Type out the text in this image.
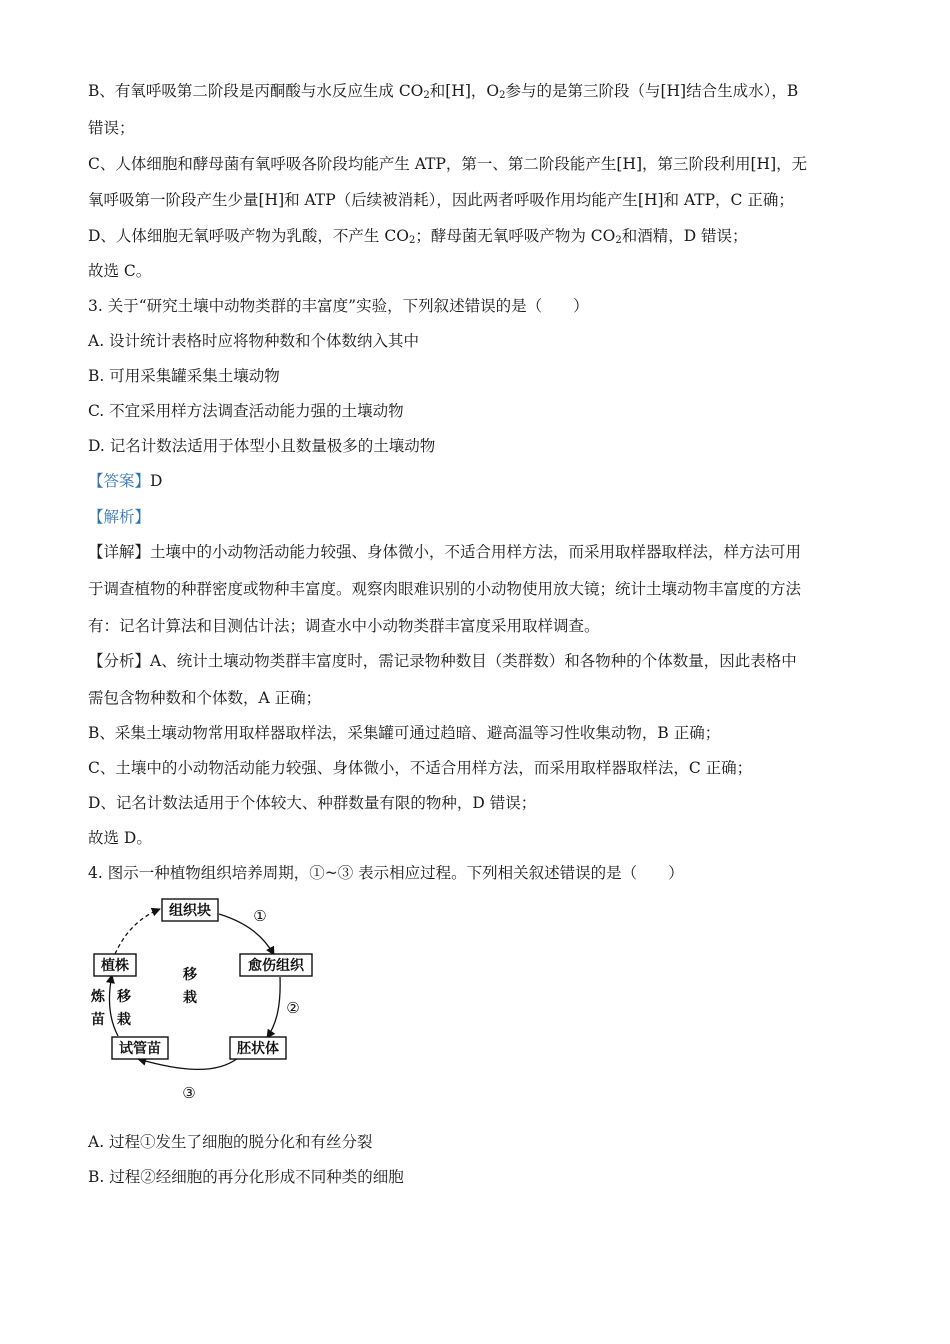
B、有氧呼吸第二阶段是丙酮酸与水反应生成 $CO_2$和[H]，$O_2$参与的是第三阶段（与[H]结合生成水），B
错误；
C、人体细胞和酵母菌有氧呼吸各阶段均能产生 ATP，第一、第二阶段能产生[H]，第三阶段利用[H]，无
氧呼吸第一阶段产生少量[H]和 ATP（后续被消耗），因此两者呼吸作用均能产生[H]和 ATP，C 正确；
D、人体细胞无氧呼吸产物为乳酸，不产生 $CO_2$；酵母菌无氧呼吸产物为 $CO_2$和酒精，D 错误；
故选 C。
3. 关于“研究土壤中动物类群的丰富度”实验，下列叙述错误的是（　　）
A. 设计统计表格时应将物种数和个体数纳入其中
B. 可用采集罐采集土壤动物
C. 不宜采用样方法调查活动能力强的土壤动物
D. 记名计数法适用于体型小且数量极多的土壤动物
【答案】D
【解析】
【详解】土壤中的小动物活动能力较强、身体微小，不适合用样方法，而采用取样器取样法，样方法可用
于调查植物的种群密度或物种丰富度。观察肉眼难识别的小动物使用放大镜；统计土壤动物丰富度的方法
有：记名计算法和目测估计法；调查水中小动物类群丰富度采用取样调查。
【分析】A、统计土壤动物类群丰富度时，需记录物种数目（类群数）和各物种的个体数量，因此表格中
需包含物种数和个体数，A 正确；
B、采集土壤动物常用取样器取样法，采集罐可通过趋暗、避高温等习性收集动物，B 正确；
C、土壤中的小动物活动能力较强、身体微小，不适合用样方法，而采用取样器取样法，C 正确；
D、记名计数法适用于个体较大、种群数量有限的物种，D 错误；
故选 D。
4. 图示一种植物组织培养周期，①~③ 表示相应过程。下列相关叙述错误的是（　　）
组织块
愈伤组织
胚状体
试管苗
植株
移
栽
炼
苗
移
栽
①
②
③
A. 过程①发生了细胞的脱分化和有丝分裂
B. 过程②经细胞的再分化形成不同种类的细胞
